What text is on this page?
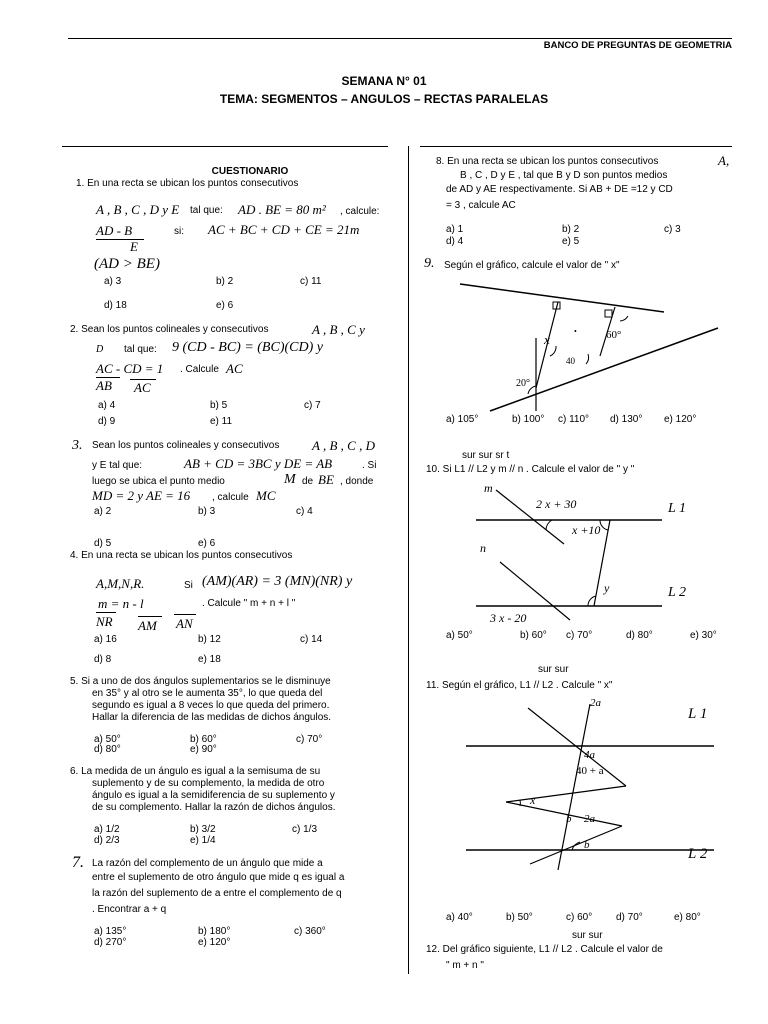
BANCO DE PREGUNTAS DE GEOMETRIA
SEMANA N° 01
TEMA: SEGMENTOS – ANGULOS – RECTAS PARALELAS
CUESTIONARIO
1. En una recta se ubican los puntos consecutivos
A , B , C , D y E tal que: AD . BE = 80 m² , calcule:
AD - B
E
si: AC + BC + CD + CE = 21m
(AD > BE)
a) 3	b) 2	c) 11
d) 18	e) 6
2. Sean los puntos colineales y consecutivos	A , B , C y
D tal que: 9 (CD - BC) = (BC)(CD) y
AC - CD = 1 . Calcule AC
AB AC
a) 4	b) 5	c) 7
d) 9	e) 11
3. Sean los puntos colineales y consecutivos	A , B , C , D
y E tal que:	AB + CD = 3BC y DE = AB	. Si
luego se ubica el punto medio	M de BE , donde
MD = 2 y AE = 16 , calcule MC
a) 2	b) 3	c) 4
d) 5	e) 6
4. En una recta se ubican los puntos consecutivos
A,M,N,R.	Si (AM)(AR) = 3 (MN)(NR) y
m = n - l	. Calcule " m + n + l "
NR AM AN
a) 16	b) 12	c) 14
d) 8	e) 18
5. Si a uno de dos ángulos suplementarios se le disminuye
en 35° y al otro se le aumenta 35°, lo que queda del
segundo es igual a 8 veces lo que queda del primero.
Hallar la diferencia de las medidas de dichos ángulos.
a) 50°	b) 60°	c) 70°
d) 80°	e) 90°
6. La medida de un ángulo es igual a la semisuma de su
suplemento y de su complemento, la medida de otro
ángulo es igual a la semidiferencia de su suplemento y
de su complemento. Hallar la razón de dichos ángulos.
a) 1/2	b) 3/2	c) 1/3
d) 2/3	e) 1/4
7. La razón del complemento de un ángulo que mide a
entre el suplemento de otro ángulo que mide q es igual a
la razón del suplemento de a entre el complemento de q
. Encontrar a + q
a) 135°	b) 180°	c) 360°
d) 270°	e) 120°
8. En una recta se ubican los puntos consecutivos	A,
B , C , D y E , tal que B y D son puntos medios
de AD y AE respectivamente. Si AB + DE =12 y CD
= 3 , calcule AC
a) 1	b) 2	c) 3
d) 4	e) 5
9. Según el gráfico, calcule el valor de " x"
x	60°
40
20°
•
a) 105°	b) 100° c) 110° d) 130° e) 120°
sur sur sr t
10. Si L1 // L2 y m // n . Calcule el valor de " y "
m
n
2 x + 30
x +10
3 x - 20
y
L 1
L 2
a) 50°	b) 60° c) 70°	d) 80°	e) 30°
sur sur
11. Según el gráfico, L1 // L2 . Calcule " x"
2a
4a
40 + a
x
b 2a
b
L 1
L 2
a) 40°	b) 50°	c) 60° d) 70°	e) 80°
sur sur
12. Del gráfico siguiente, L1 // L2 . Calcule el valor de
" m + n "
